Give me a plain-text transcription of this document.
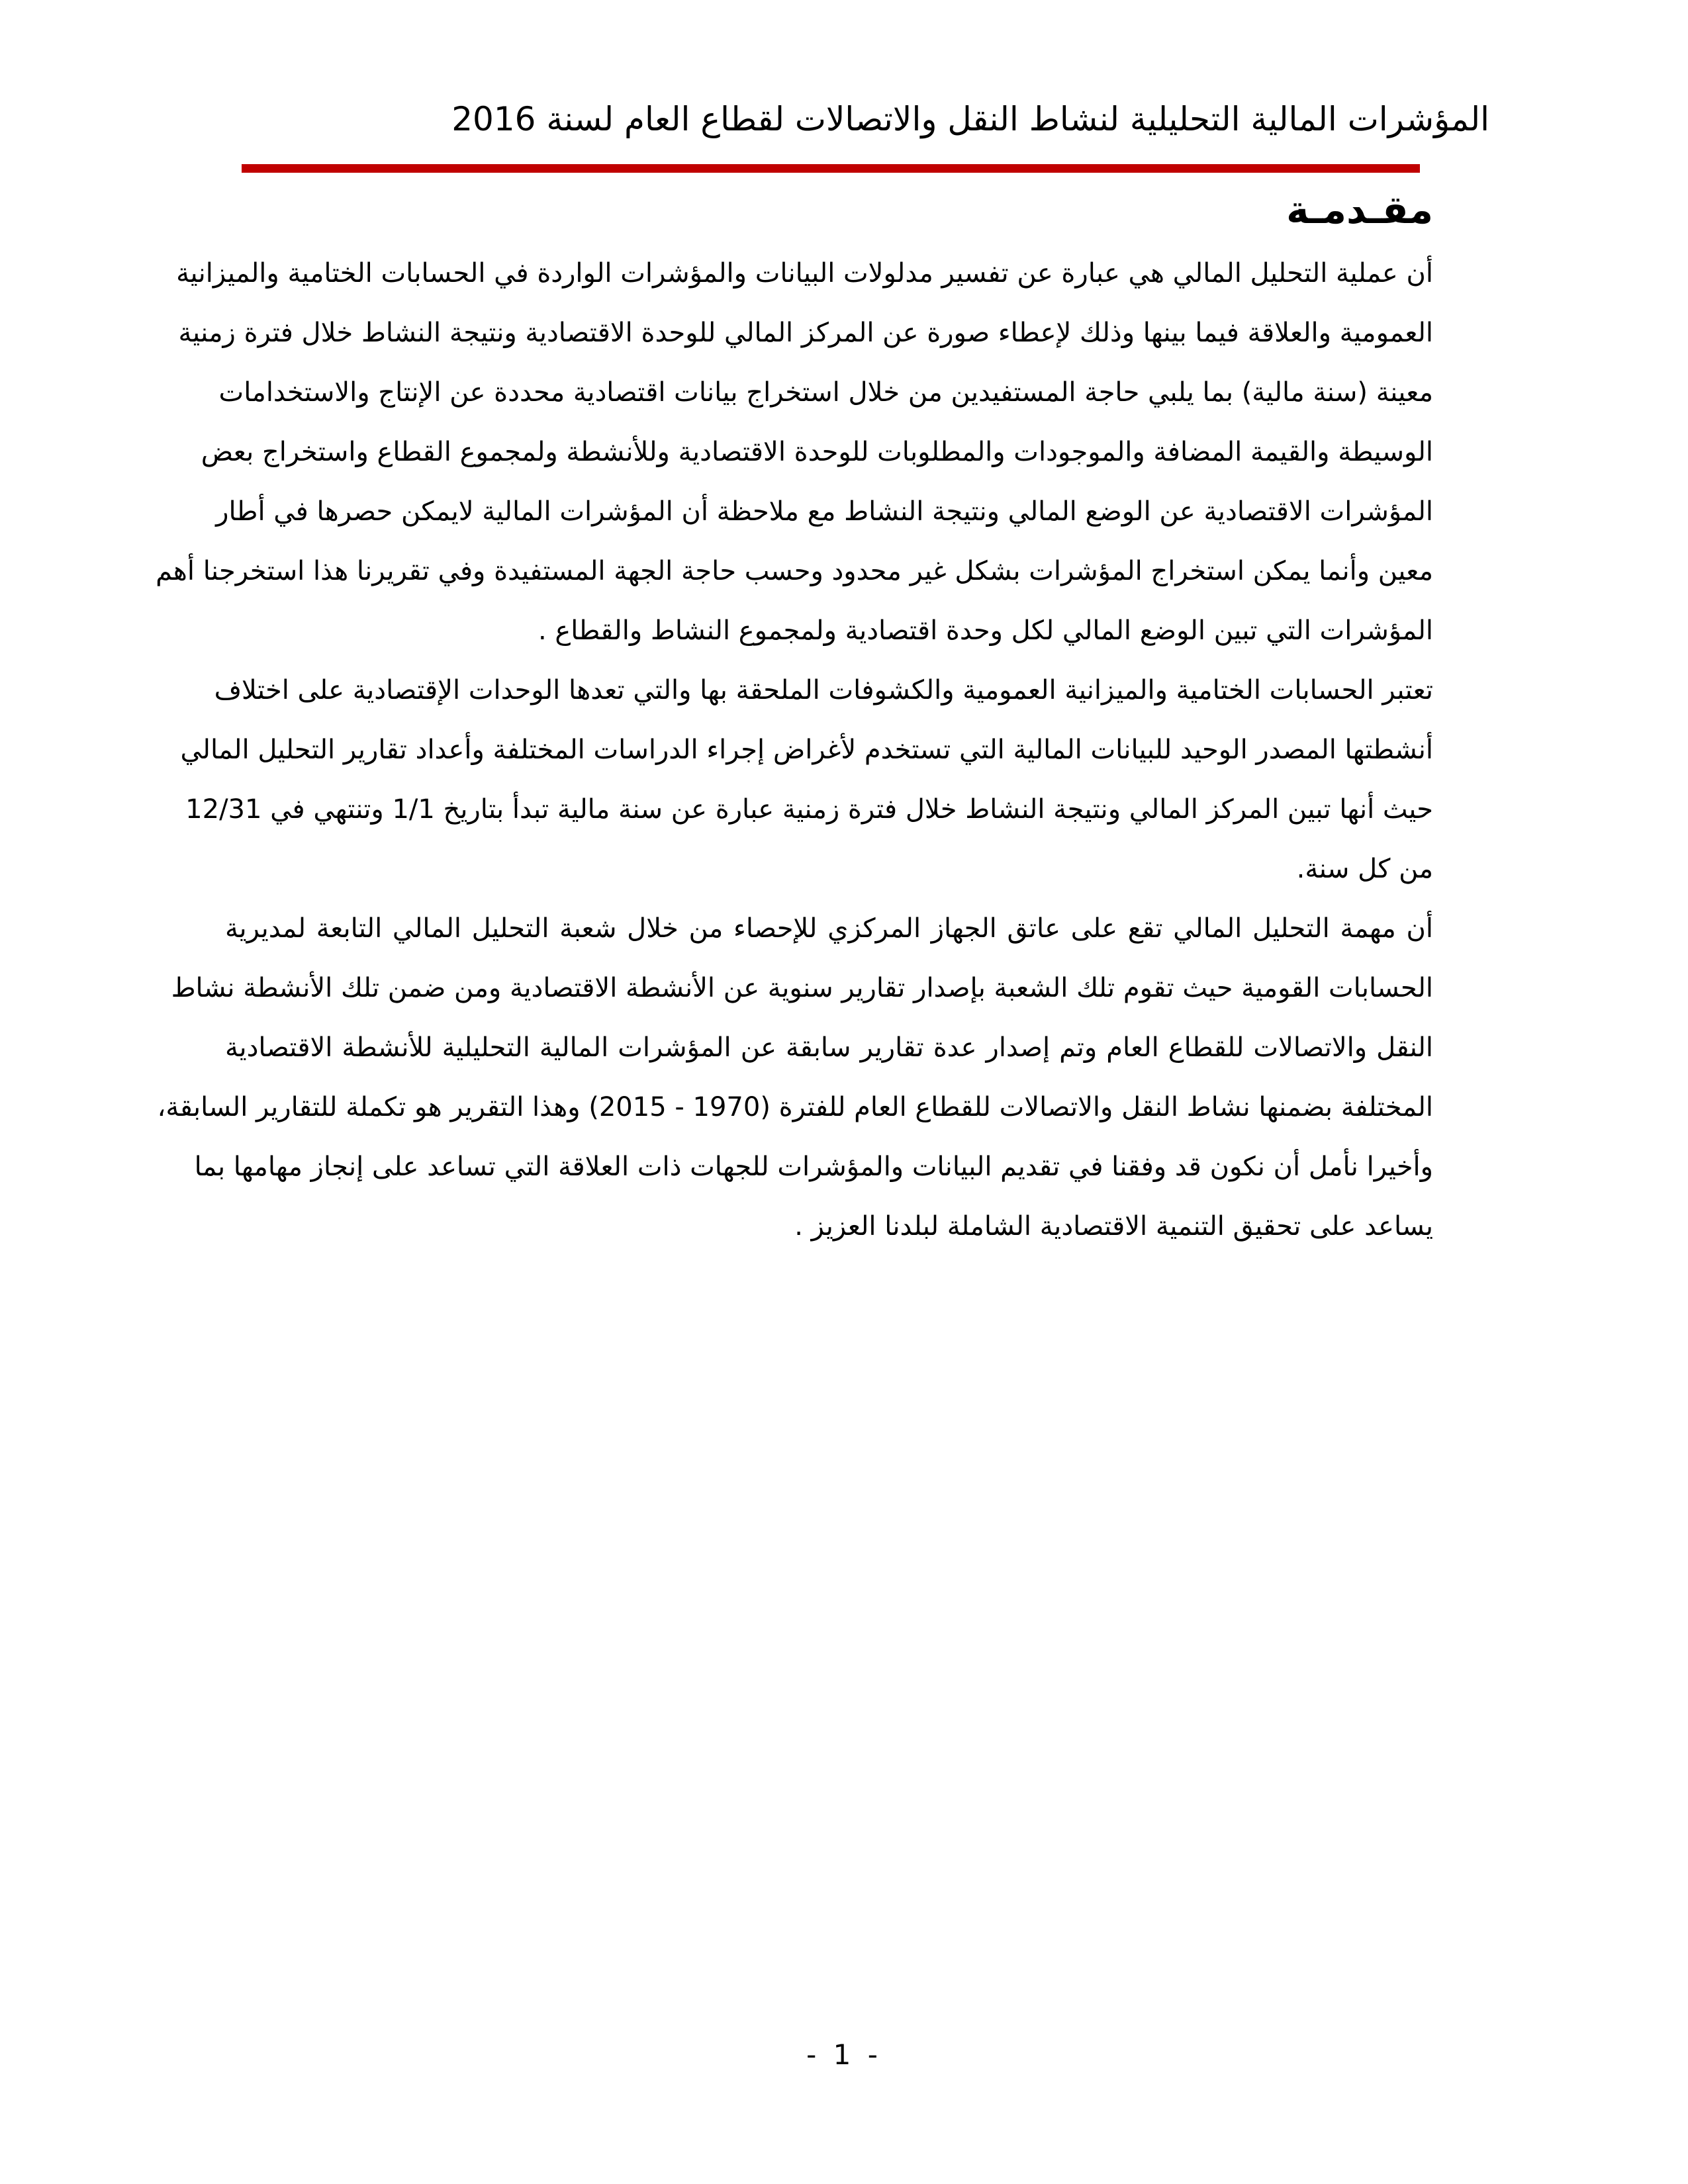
المؤشرات المالية التحليلية لنشاط النقل والاتصالات لقطاع العام لسنة 2016
مقـدمـة
أن عملية التحليل المالي هي عبارة عن تفسير مدلولات البيانات والمؤشرات الواردة في الحسابات الختامية والميزانية
العمومية والعلاقة فيما بينها وذلك لإعطاء صورة عن المركز المالي للوحدة الاقتصادية ونتيجة النشاط خلال فترة زمنية
معينة (سنة مالية) بما يلبي حاجة المستفيدين من خلال استخراج بيانات اقتصادية محددة عن الإنتاج والاستخدامات
الوسيطة والقيمة المضافة والموجودات والمطلوبات للوحدة الاقتصادية وللأنشطة ولمجموع القطاع واستخراج بعض
المؤشرات الاقتصادية عن الوضع المالي ونتيجة النشاط مع ملاحظة أن المؤشرات المالية لايمكن حصرها في أطار
معين وأنما يمكن استخراج المؤشرات بشكل غير محدود وحسب حاجة الجهة المستفيدة وفي تقريرنا هذا استخرجنا أهم
المؤشرات التي تبين الوضع المالي لكل وحدة اقتصادية ولمجموع النشاط والقطاع .
تعتبر الحسابات الختامية والميزانية العمومية والكشوفات الملحقة بها والتي تعدها الوحدات الإقتصادية على اختلاف
أنشطتها المصدر الوحيد للبيانات المالية التي تستخدم لأغراض إجراء الدراسات المختلفة وأعداد تقارير التحليل المالي
حيث أنها تبين المركز المالي ونتيجة النشاط خلال فترة زمنية عبارة عن سنة مالية تبدأ بتاريخ 1/1 وتنتهي في 12/31
من كل سنة.
أن مهمة التحليل المالي تقع على عاتق الجهاز المركزي للإحصاء من خلال شعبة التحليل المالي التابعة لمديرية
الحسابات القومية حيث تقوم تلك الشعبة بإصدار تقارير سنوية عن الأنشطة الاقتصادية ومن ضمن تلك الأنشطة نشاط
النقل والاتصالات للقطاع العام وتم إصدار عدة تقارير سابقة عن المؤشرات المالية التحليلية للأنشطة الاقتصادية
المختلفة بضمنها نشاط النقل والاتصالات للقطاع العام للفترة (1970 - 2015) وهذا التقرير هو تكملة للتقارير السابقة،
وأخيرا نأمل أن نكون قد وفقنا في تقديم البيانات والمؤشرات للجهات ذات العلاقة التي تساعد على إنجاز مهامها بما
يساعد على تحقيق التنمية الاقتصادية الشاملة لبلدنا العزيز .
- 1 -
